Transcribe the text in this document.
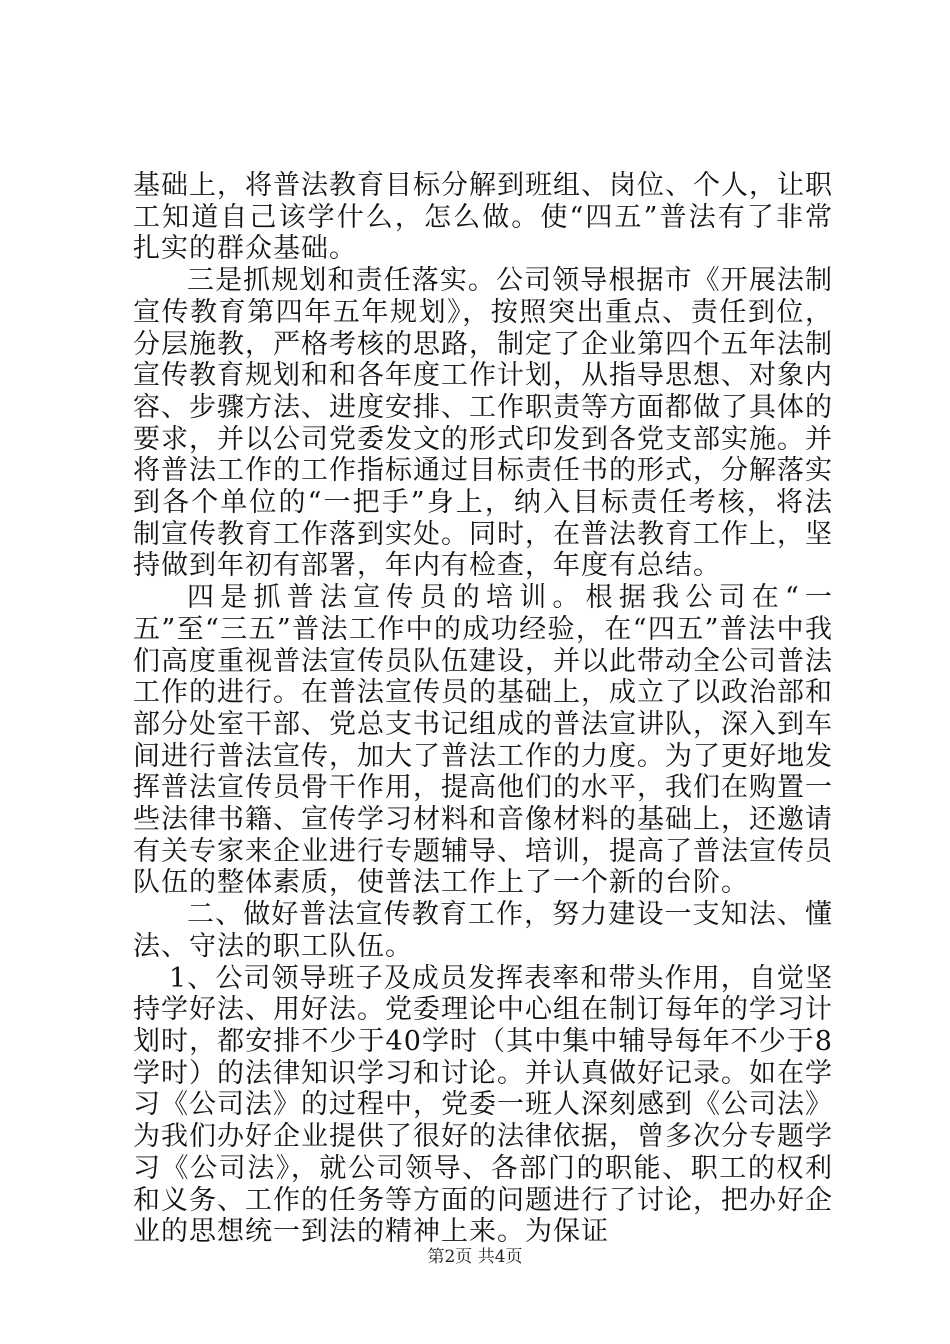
基础上，将普法教育目标分解到班组、岗位、个人，让职工知道自己该学什么，怎么做。使“四五”普法有了非常扎实的群众基础。

三是抓规划和责任落实。公司领导根据市《开展法制宣传教育第四年五年规划》，按照突出重点、责任到位，分层施教，严格考核的思路，制定了企业第四个五年法制宣传教育规划和和各年度工作计划，从指导思想、对象内容、步骤方法、进度安排、工作职责等方面都做了具体的要求，并以公司党委发文的形式印发到各党支部实施。并将普法工作的工作指标通过目标责任书的形式，分解落实到各个单位的“一把手”身上，纳入目标责任考核，将法制宣传教育工作落到实处。同时，在普法教育工作上，坚持做到年初有部署，年内有检查，年度有总结。

四是抓普法宣传员的培训。根据我公司在“一五”至“三五”普法工作中的成功经验，在“四五”普法中我们高度重视普法宣传员队伍建设，并以此带动全公司普法工作的进行。在普法宣传员的基础上，成立了以政治部和部分处室干部、党总支书记组成的普法宣讲队，深入到车间进行普法宣传，加大了普法工作的力度。为了更好地发挥普法宣传员骨干作用，提高他们的水平，我们在购置一些法律书籍、宣传学习材料和音像材料的基础上，还邀请有关专家来企业进行专题辅导、培训，提高了普法宣传员队伍的整体素质，使普法工作上了一个新的台阶。

二、做好普法宣传教育工作，努力建设一支知法、懂法、守法的职工队伍。

1、公司领导班子及成员发挥表率和带头作用，自觉坚持学好法、用好法。党委理论中心组在制订每年的学习计划时，都安排不少于40学时（其中集中辅导每年不少于8学时）的法律知识学习和讨论。并认真做好记录。如在学习《公司法》的过程中，党委一班人深刻感到《公司法》为我们办好企业提供了很好的法律依据，曾多次分专题学习《公司法》，就公司领导、各部门的职能、职工的权利和义务、工作的任务等方面的问题进行了讨论，把办好企业的思想统一到法的精神上来。为保证

第2页 共4页
